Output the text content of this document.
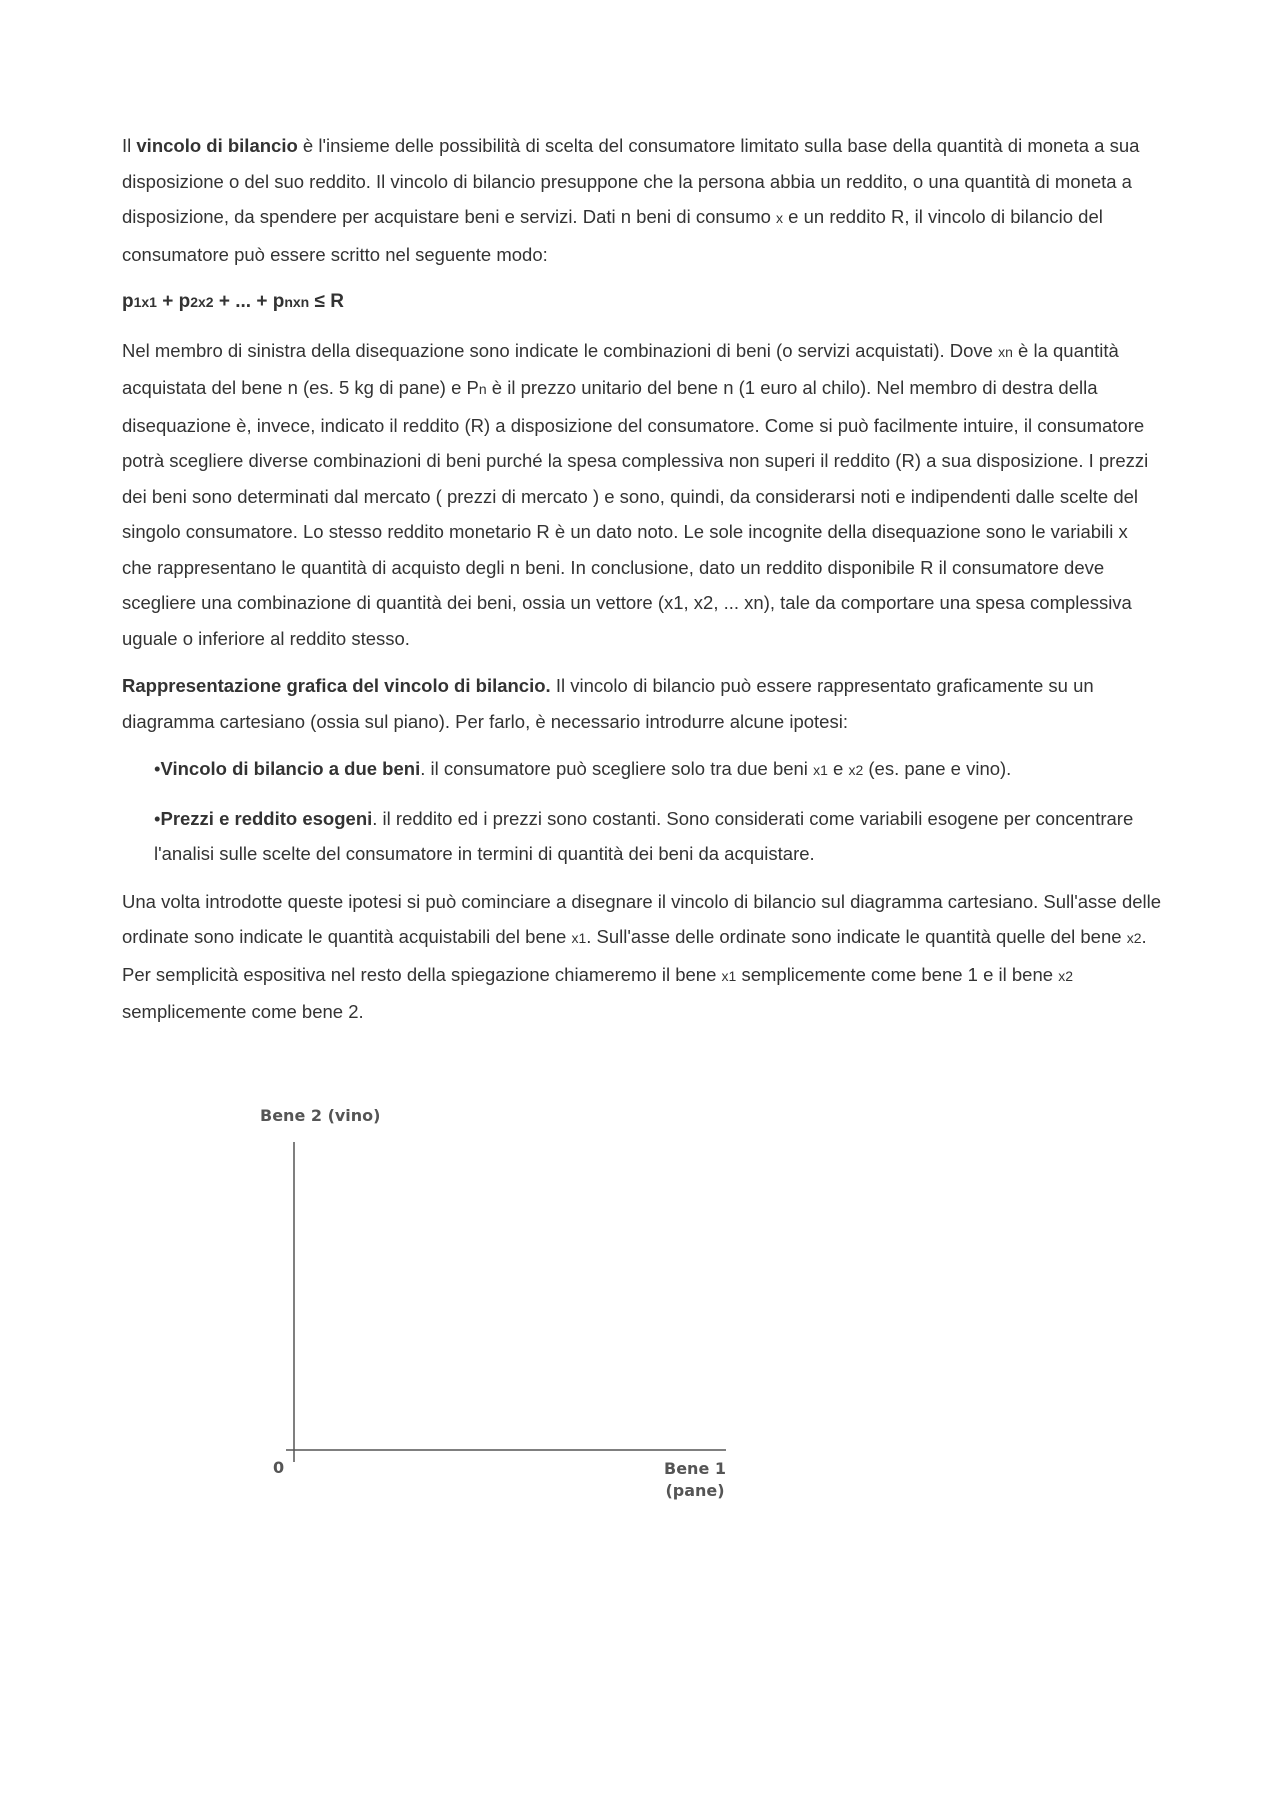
Il vincolo di bilancio è l'insieme delle possibilità di scelta del consumatore limitato sulla base della quantità di moneta a sua disposizione o del suo reddito. Il vincolo di bilancio presuppone che la persona abbia un reddito, o una quantità di moneta a disposizione, da spendere per acquistare beni e servizi. Dati n beni di consumo x e un reddito R, il vincolo di bilancio del consumatore può essere scritto nel seguente modo:

p1x1 + p2x2 + ... + pnxn ≤ R

Nel membro di sinistra della disequazione sono indicate le combinazioni di beni (o servizi acquistati). Dove xn è la quantità acquistata del bene n (es. 5 kg di pane) e Pn è il prezzo unitario del bene n (1 euro al chilo). Nel membro di destra della disequazione è, invece, indicato il reddito (R) a disposizione del consumatore. Come si può facilmente intuire, il consumatore potrà scegliere diverse combinazioni di beni purché la spesa complessiva non superi il reddito (R) a sua disposizione. I prezzi dei beni sono determinati dal mercato ( prezzi di mercato ) e sono, quindi, da considerarsi noti e indipendenti dalle scelte del singolo consumatore. Lo stesso reddito monetario R è un dato noto. Le sole incognite della disequazione sono le variabili x che rappresentano le quantità di acquisto degli n beni. In conclusione, dato un reddito disponibile R il consumatore deve scegliere una combinazione di quantità dei beni, ossia un vettore (x1, x2, ... xn), tale da comportare una spesa complessiva uguale o inferiore al reddito stesso.

Rappresentazione grafica del vincolo di bilancio. Il vincolo di bilancio può essere rappresentato graficamente su un diagramma cartesiano (ossia sul piano). Per farlo, è necessario introdurre alcune ipotesi:

•Vincolo di bilancio a due beni. il consumatore può scegliere solo tra due beni x1 e x2 (es. pane e vino).

•Prezzi e reddito esogeni. il reddito ed i prezzi sono costanti. Sono considerati come variabili esogene per concentrare l'analisi sulle scelte del consumatore in termini di quantità dei beni da acquistare.

Una volta introdotte queste ipotesi si può cominciare a disegnare il vincolo di bilancio sul diagramma cartesiano. Sull'asse delle ordinate sono indicate le quantità acquistabili del bene x1. Sull'asse delle ordinate sono indicate le quantità quelle del bene x2. Per semplicità espositiva nel resto della spiegazione chiameremo il bene x1 semplicemente come bene 1 e il bene x2 semplicemente come bene 2.

Bene 2 (vino)
0	Bene 1
(pane)
